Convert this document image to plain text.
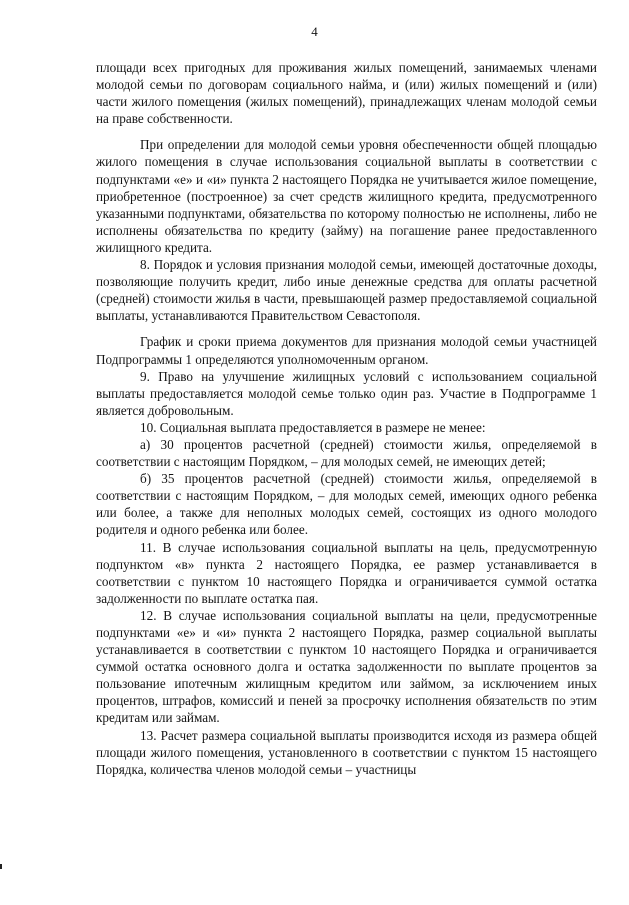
4

площади всех пригодных для проживания жилых помещений, занимаемых членами молодой семьи по договорам социального найма, и (или) жилых помещений и (или) части жилого помещения (жилых помещений), принадлежащих членам молодой семьи на праве собственности.

При определении для молодой семьи уровня обеспеченности общей площадью жилого помещения в случае использования социальной выплаты в соответствии с подпунктами «е» и «и» пункта 2 настоящего Порядка не учитывается жилое помещение, приобретенное (построенное) за счет средств жилищного кредита, предусмотренного указанными подпунктами, обязательства по которому полностью не исполнены, либо не исполнены обязательства по кредиту (займу) на погашение ранее предоставленного жилищного кредита.

8. Порядок и условия признания молодой семьи, имеющей достаточные доходы, позволяющие получить кредит, либо иные денежные средства для оплаты расчетной (средней) стоимости жилья в части, превышающей размер предоставляемой социальной выплаты, устанавливаются Правительством Севастополя.

График и сроки приема документов для признания молодой семьи участницей Подпрограммы 1 определяются уполномоченным органом.

9. Право на улучшение жилищных условий с использованием социальной выплаты предоставляется молодой семье только один раз. Участие в Подпрограмме 1 является добровольным.

10. Социальная выплата предоставляется в размере не менее:

а) 30 процентов расчетной (средней) стоимости жилья, определяемой в соответствии с настоящим Порядком, – для молодых семей, не имеющих детей;

б) 35 процентов расчетной (средней) стоимости жилья, определяемой в соответствии с настоящим Порядком, – для молодых семей, имеющих одного ребенка или более, а также для неполных молодых семей, состоящих из одного молодого родителя и одного ребенка или более.

11. В случае использования социальной выплаты на цель, предусмотренную подпунктом «в» пункта 2 настоящего Порядка, ее размер устанавливается в соответствии с пунктом 10 настоящего Порядка и ограничивается суммой остатка задолженности по выплате остатка пая.

12. В случае использования социальной выплаты на цели, предусмотренные подпунктами «е» и «и» пункта 2 настоящего Порядка, размер социальной выплаты устанавливается в соответствии с пунктом 10 настоящего Порядка и ограничивается суммой остатка основного долга и остатка задолженности по выплате процентов за пользование ипотечным жилищным кредитом или займом, за исключением иных процентов, штрафов, комиссий и пеней за просрочку исполнения обязательств по этим кредитам или займам.

13. Расчет размера социальной выплаты производится исходя из размера общей площади жилого помещения, установленного в соответствии с пунктом 15 настоящего Порядка, количества членов молодой семьи – участницы
